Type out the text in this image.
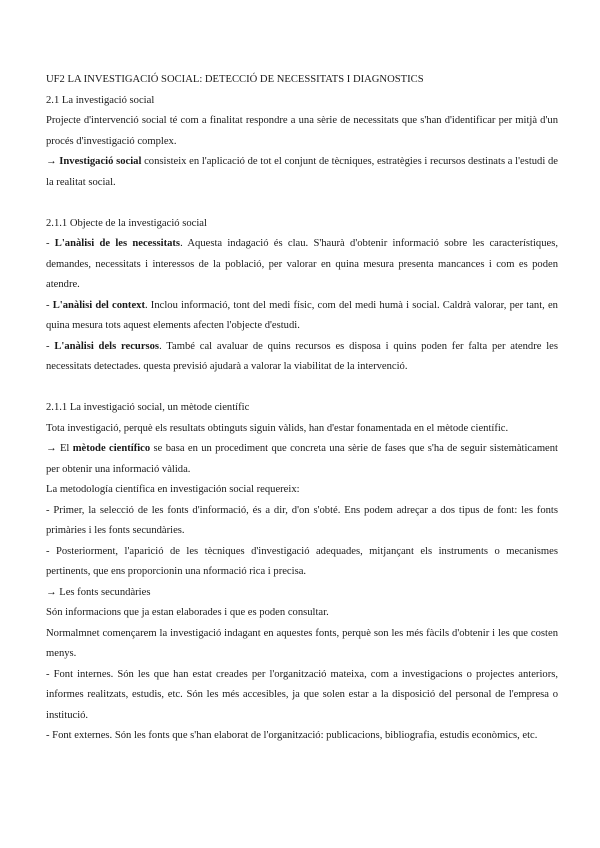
UF2 LA INVESTIGACIÓ SOCIAL: DETECCIÓ DE NECESSITATS I DIAGNOSTICS

2.1 La investigació social

Projecte d'intervenció social té com a finalitat respondre a una sèrie de necessitats que s'han d'identificar per mitjà d'un procés d'investigació complex.

→ Investigació social consisteix en l'aplicació de tot el conjunt de tècniques, estratègies i recursos destinats a l'estudi de la realitat social.

2.1.1 Objecte de la investigació social

- L'anàlisi de les necessitats. Aquesta indagació és clau. S'haurà d'obtenir informació sobre les característiques, demandes, necessitats i interessos de la població, per valorar en quina mesura presenta mancances i com es poden atendre.

- L'anàlisi del context. Inclou informació, tont del medi físic, com del medi humà i social. Caldrà valorar, per tant, en quina mesura tots aquest elements afecten l'objecte d'estudi.

- L'anàlisi dels recursos. També cal avaluar de quins recursos es disposa i quins poden fer falta per atendre les necessitats detectades. questa previsió ajudarà a valorar la viabilitat de la intervenció.

2.1.1 La investigació social, un mètode científic

Tota investigació, perquè els resultats obtinguts siguin vàlids, han d'estar fonamentada en el mètode científic.

→ El mètode científico se basa en un procediment que concreta una sèrie de fases que s'ha de seguir sistemàticament per obtenir una informació vàlida.

La metodología científica en investigación social requereix:

- Primer, la selecció de les fonts d'informació, és a dir, d'on s'obté. Ens podem adreçar a dos tipus de font: les fonts primàries i les fonts secundàries.

- Posteriorment, l'aparició de les tècniques d'investigació adequades, mitjançant els instruments o mecanismes pertinents, que ens proporcionin una nformació rica i precisa.

→ Les fonts secundàries

Són informacions que ja estan elaborades i que es poden consultar.

Normalmnet començarem la investigació indagant en aquestes fonts, perquè son les més fàcils d'obtenir i les que costen menys.

- Font internes. Són les que han estat creades per l'organització mateixa, com a investigacions o projectes anteriors, informes realitzats, estudis, etc. Són les més accesibles, ja que solen estar a la disposició del personal de l'empresa o institució.

- Font externes. Són les fonts que s'han elaborat de l'organització: publicacions, bibliografia, estudis econòmics, etc.
